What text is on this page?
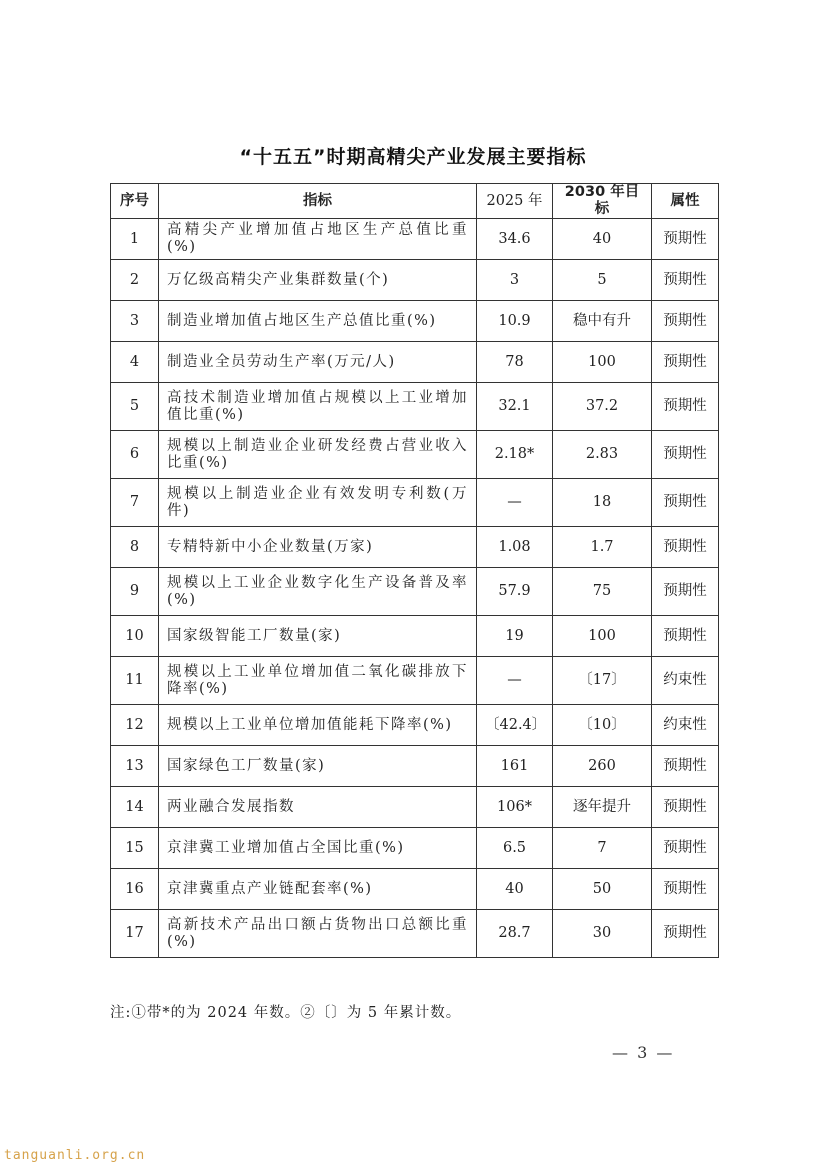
“十五五”时期高精尖产业发展主要指标
序号	指标	2025 年	2030 年目标	属性
1	高精尖产业增加值占地区生产总值比重(%)	34.6	40	预期性
2	万亿级高精尖产业集群数量(个)	3	5	预期性
3	制造业增加值占地区生产总值比重(%)	10.9	稳中有升	预期性
4	制造业全员劳动生产率(万元/人)	78	100	预期性
5	高技术制造业增加值占规模以上工业增加值比重(%)	32.1	37.2	预期性
6	规模以上制造业企业研发经费占营业收入比重(%)	2.18*	2.83	预期性
7	规模以上制造业企业有效发明专利数(万件)	—	18	预期性
8	专精特新中小企业数量(万家)	1.08	1.7	预期性
9	规模以上工业企业数字化生产设备普及率(%)	57.9	75	预期性
10	国家级智能工厂数量(家)	19	100	预期性
11	规模以上工业单位增加值二氧化碳排放下降率(%)	—	〔17〕	约束性
12	规模以上工业单位增加值能耗下降率(%)	〔42.4〕	〔10〕	约束性
13	国家绿色工厂数量(家)	161	260	预期性
14	两业融合发展指数	106*	逐年提升	预期性
15	京津冀工业增加值占全国比重(%)	6.5	7	预期性
16	京津冀重点产业链配套率(%)	40	50	预期性
17	高新技术产品出口额占货物出口总额比重(%)	28.7	30	预期性
注:①带*的为 2024 年数。②〔〕为 5 年累计数。
— 3 —
tanguanli.org.cn
